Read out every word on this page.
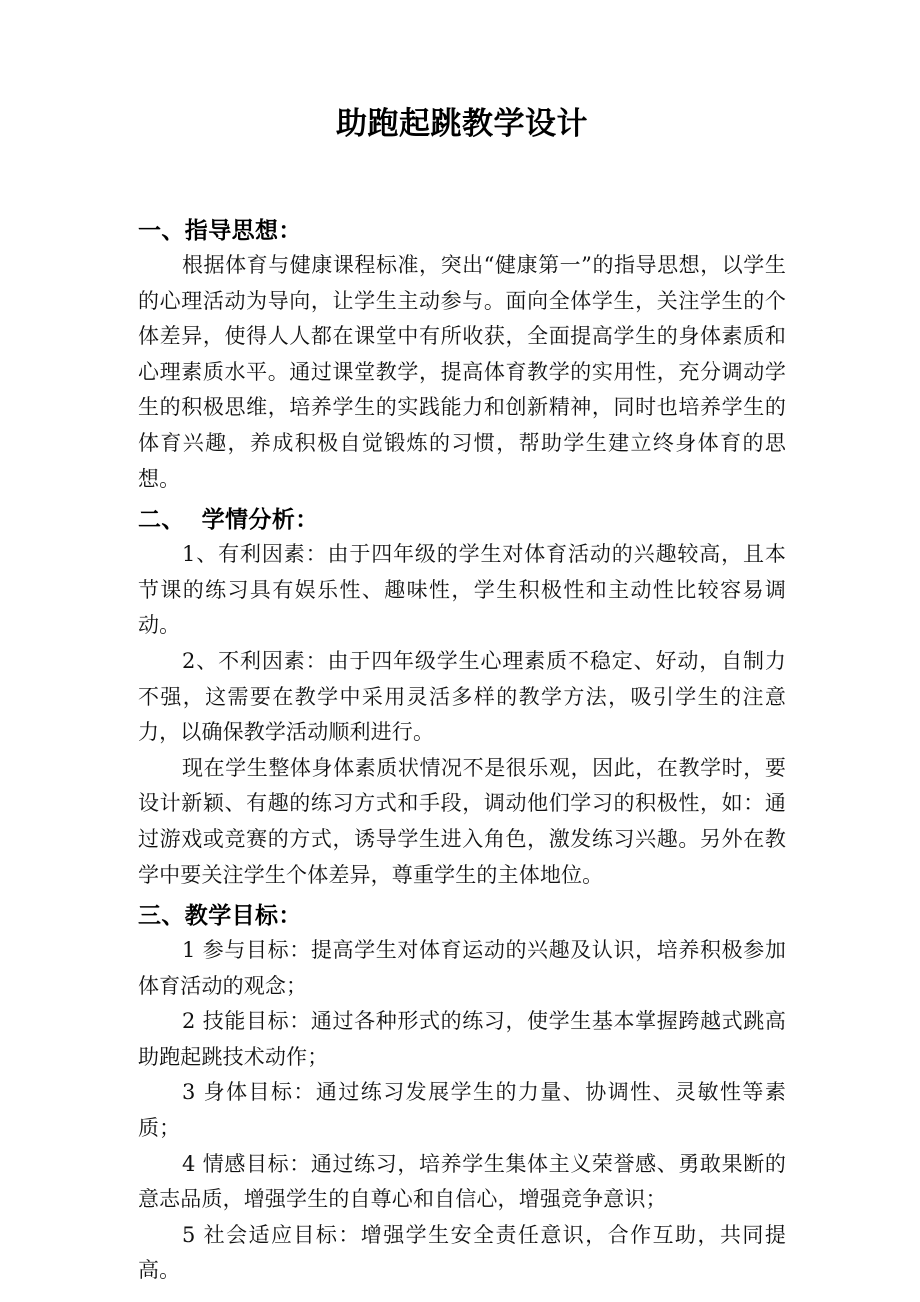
助跑起跳教学设计
一、指导思想：

根据体育与健康课程标准，突出“健康第一”的指导思想，以学生的心理活动为导向，让学生主动参与。面向全体学生，关注学生的个体差异，使得人人都在课堂中有所收获，全面提高学生的身体素质和心理素质水平。通过课堂教学，提高体育教学的实用性，充分调动学生的积极思维，培养学生的实践能力和创新精神，同时也培养学生的体育兴趣，养成积极自觉锻炼的习惯，帮助学生建立终身体育的思想。

二、  学情分析：

1、有利因素：由于四年级的学生对体育活动的兴趣较高，且本节课的练习具有娱乐性、趣味性，学生积极性和主动性比较容易调动。

2、不利因素：由于四年级学生心理素质不稳定、好动，自制力不强，这需要在教学中采用灵活多样的教学方法，吸引学生的注意力，以确保教学活动顺利进行。

现在学生整体身体素质状情况不是很乐观，因此，在教学时，要设计新颖、有趣的练习方式和手段，调动他们学习的积极性，如：通过游戏或竞赛的方式，诱导学生进入角色，激发练习兴趣。另外在教学中要关注学生个体差异，尊重学生的主体地位。

三、教学目标：

1 参与目标：提高学生对体育运动的兴趣及认识，培养积极参加体育活动的观念；

2 技能目标：通过各种形式的练习，使学生基本掌握跨越式跳高助跑起跳技术动作；

3 身体目标：通过练习发展学生的力量、协调性、灵敏性等素质；

4 情感目标：通过练习，培养学生集体主义荣誉感、勇敢果断的意志品质，增强学生的自尊心和自信心，增强竞争意识；

5 社会适应目标：增强学生安全责任意识，合作互助，共同提高。
